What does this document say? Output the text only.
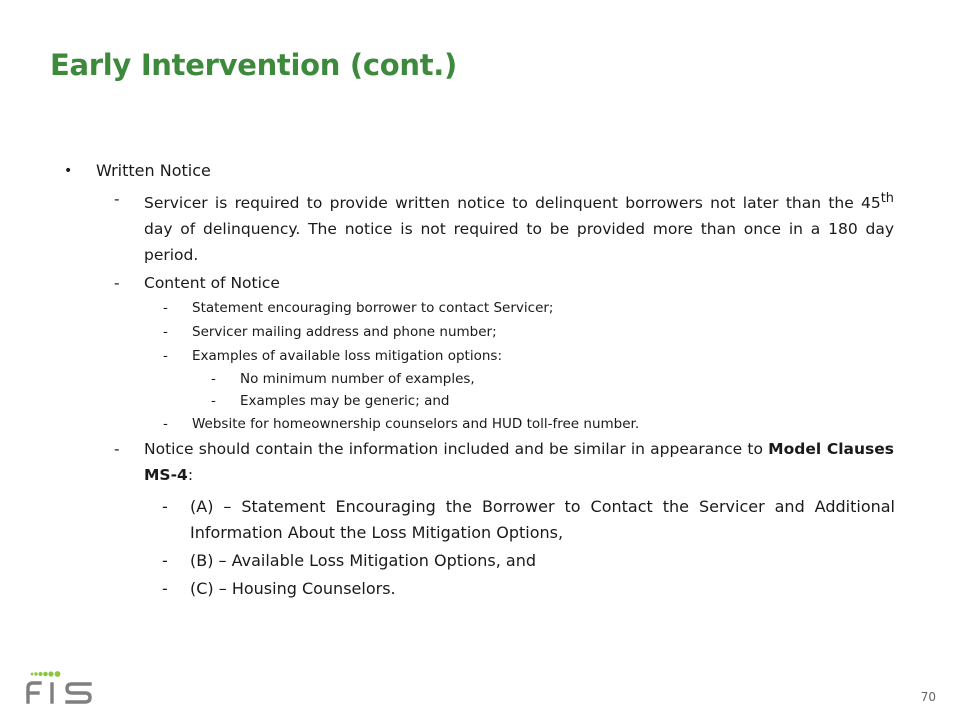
Early Intervention (cont.)
• Written Notice
- Servicer is required to provide written notice to delinquent borrowers not later than the 45th day of delinquency. The notice is not required to be provided more than once in a 180 day period.
- Content of Notice
- Statement encouraging borrower to contact Servicer;
- Servicer mailing address and phone number;
- Examples of available loss mitigation options:
- No minimum number of examples,
- Examples may be generic; and
- Website for homeownership counselors and HUD toll-free number.
- Notice should contain the information included and be similar in appearance to Model Clauses MS-4:
- (A) – Statement Encouraging the Borrower to Contact the Servicer and Additional Information About the Loss Mitigation Options,
- (B) – Available Loss Mitigation Options, and
- (C) – Housing Counselors.
70
